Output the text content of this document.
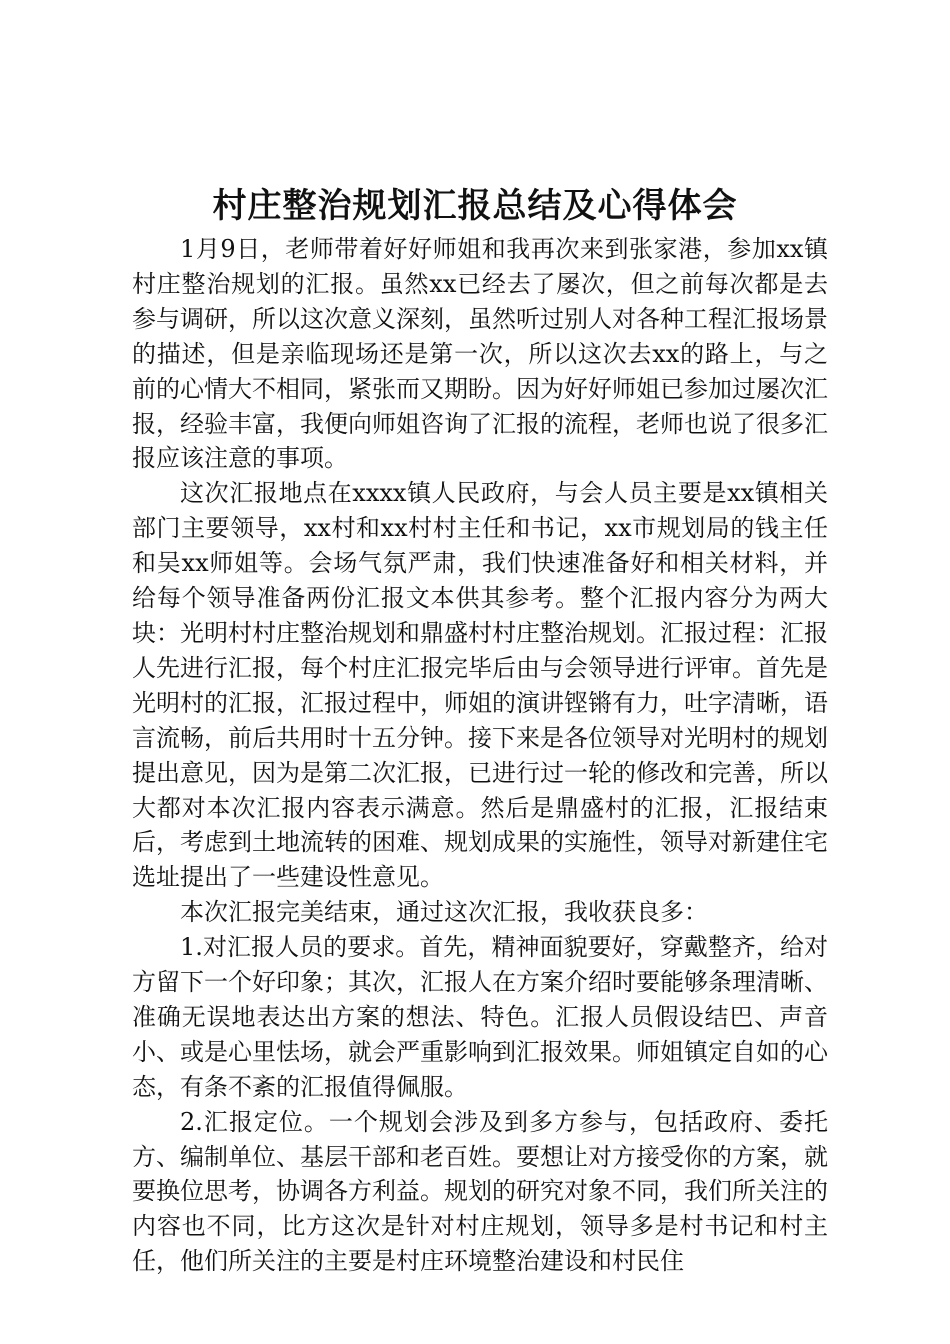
村庄整治规划汇报总结及心得体会

1月9日，老师带着好好师姐和我再次来到张家港，参加xx镇村庄整治规划的汇报。虽然xx已经去了屡次，但之前每次都是去参与调研，所以这次意义深刻，虽然听过别人对各种工程汇报场景的描述，但是亲临现场还是第一次，所以这次去xx的路上，与之前的心情大不相同，紧张而又期盼。因为好好师姐已参加过屡次汇报，经验丰富，我便向师姐咨询了汇报的流程，老师也说了很多汇报应该注意的事项。

这次汇报地点在xxxx镇人民政府，与会人员主要是xx镇相关部门主要领导，xx村和xx村村主任和书记，xx市规划局的钱主任和吴xx师姐等。会场气氛严肃，我们快速准备好和相关材料，并给每个领导准备两份汇报文本供其参考。整个汇报内容分为两大块：光明村村庄整治规划和鼎盛村村庄整治规划。汇报过程：汇报人先进行汇报，每个村庄汇报完毕后由与会领导进行评审。首先是光明村的汇报，汇报过程中，师姐的演讲铿锵有力，吐字清晰，语言流畅，前后共用时十五分钟。接下来是各位领导对光明村的规划提出意见，因为是第二次汇报，已进行过一轮的修改和完善，所以大都对本次汇报内容表示满意。然后是鼎盛村的汇报，汇报结束后，考虑到土地流转的困难、规划成果的实施性，领导对新建住宅选址提出了一些建设性意见。

本次汇报完美结束，通过这次汇报，我收获良多：

1.对汇报人员的要求。首先，精神面貌要好，穿戴整齐，给对方留下一个好印象；其次，汇报人在方案介绍时要能够条理清晰、准确无误地表达出方案的想法、特色。汇报人员假设结巴、声音小、或是心里怯场，就会严重影响到汇报效果。师姐镇定自如的心态，有条不紊的汇报值得佩服。

2.汇报定位。一个规划会涉及到多方参与，包括政府、委托方、编制单位、基层干部和老百姓。要想让对方接受你的方案，就要换位思考，协调各方利益。规划的研究对象不同，我们所关注的内容也不同，比方这次是针对村庄规划，领导多是村书记和村主任，他们所关注的主要是村庄环境整治建设和村民住
